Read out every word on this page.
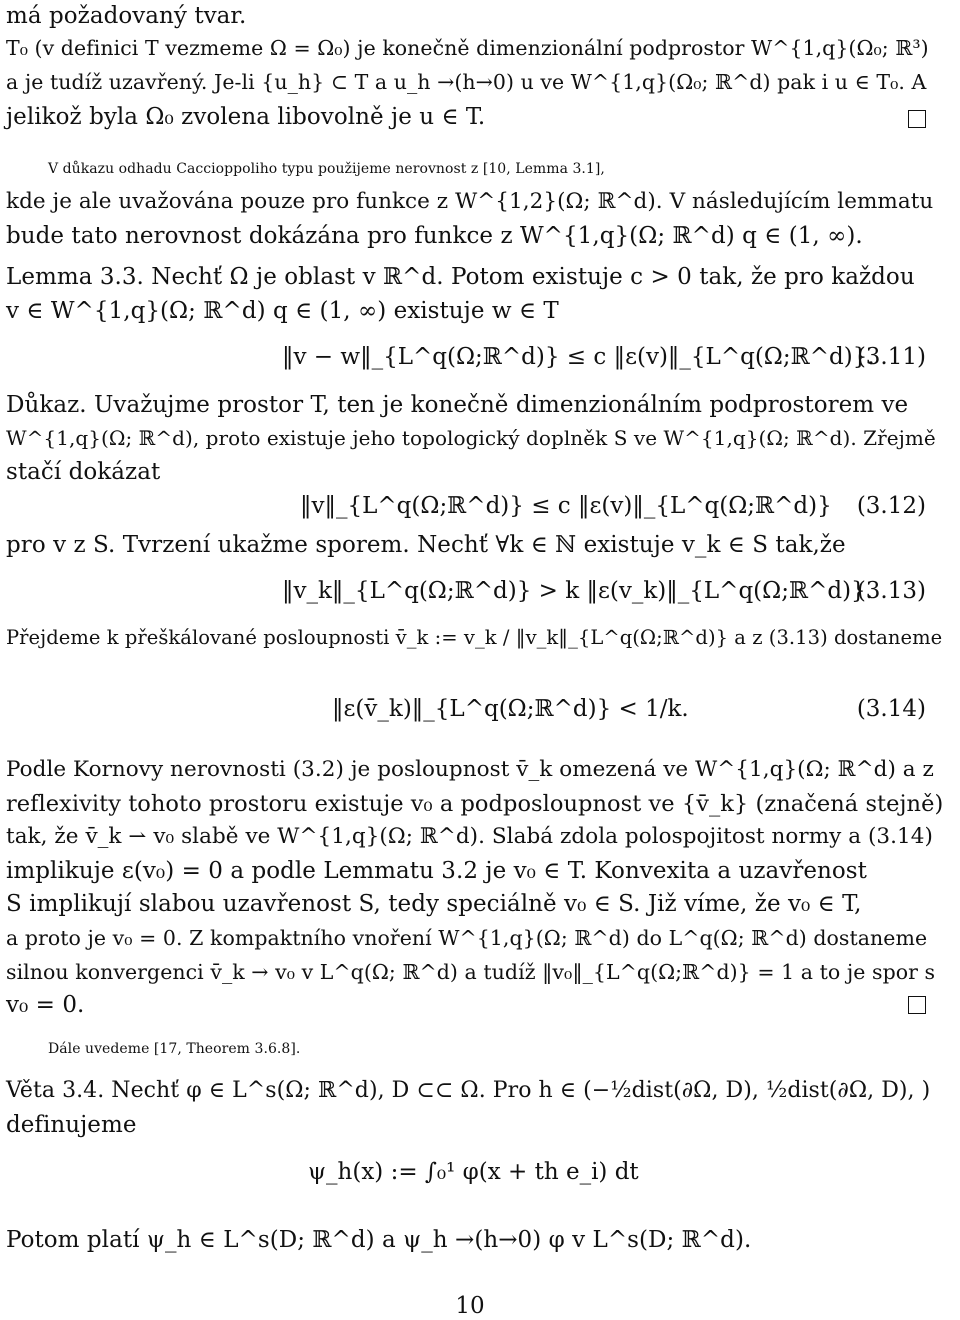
má požadovaný tvar.
T₀ (v definici T vezmeme Ω = Ω₀) je konečně dimenzionální podprostor W^{1,q}(Ω₀; ℝ³)
a je tudíž uzavřený. Je-li {u_h} ⊂ T a u_h →(h→0) u ve W^{1,q}(Ω₀; ℝ^d) pak i u ∈ T₀. A
jelikož byla Ω₀ zvolena libovolně je u ∈ T.
V důkazu odhadu Caccioppoliho typu použijeme nerovnost z [10, Lemma 3.1],
kde je ale uvažována pouze pro funkce z W^{1,2}(Ω; ℝ^d). V následujícím lemmatu
bude tato nerovnost dokázána pro funkce z W^{1,q}(Ω; ℝ^d) q ∈ (1, ∞).
Lemma 3.3. Nechť Ω je oblast v ℝ^d. Potom existuje c > 0 tak, že pro každou
v ∈ W^{1,q}(Ω; ℝ^d) q ∈ (1, ∞) existuje w ∈ T
‖v − w‖_{L^q(Ω;ℝ^d)} ≤ c ‖ε(v)‖_{L^q(Ω;ℝ^d)}.
(3.11)
Důkaz. Uvažujme prostor T, ten je konečně dimenzionálním podprostorem ve
W^{1,q}(Ω; ℝ^d), proto existuje jeho topologický doplněk S ve W^{1,q}(Ω; ℝ^d). Zřejmě
stačí dokázat
‖v‖_{L^q(Ω;ℝ^d)} ≤ c ‖ε(v)‖_{L^q(Ω;ℝ^d)} (3.12)
pro v z S. Tvrzení ukažme sporem. Nechť ∀k ∈ ℕ existuje v_k ∈ S tak,že
‖v_k‖_{L^q(Ω;ℝ^d)} > k ‖ε(v_k)‖_{L^q(Ω;ℝ^d)}.
(3.13)
Přejdeme k přeškálované posloupnosti v̄_k := v_k / ‖v_k‖_{L^q(Ω;ℝ^d)} a z (3.13) dostaneme
‖ε(v̄_k)‖_{L^q(Ω;ℝ^d)} < 1/k.	(3.14)
Podle Kornovy nerovnosti (3.2) je posloupnost v̄_k omezená ve W^{1,q}(Ω; ℝ^d) a z
reflexivity tohoto prostoru existuje v₀ a podposloupnost ve {v̄_k} (značená stejně)
tak, že v̄_k ⇀ v₀ slabě ve W^{1,q}(Ω; ℝ^d). Slabá zdola polospojitost normy a (3.14)
implikuje ε(v₀) = 0 a podle Lemmatu 3.2 je v₀ ∈ T. Konvexita a uzavřenost
S implikují slabou uzavřenost S, tedy speciálně v₀ ∈ S. Již víme, že v₀ ∈ T,
a proto je v₀ = 0. Z kompaktního vnoření W^{1,q}(Ω; ℝ^d) do L^q(Ω; ℝ^d) dostaneme
silnou konvergenci v̄_k → v₀ v L^q(Ω; ℝ^d) a tudíž ‖v₀‖_{L^q(Ω;ℝ^d)} = 1 a to je spor s
v₀ = 0.
Dále uvedeme [17, Theorem 3.6.8].
Věta 3.4. Nechť φ ∈ L^s(Ω; ℝ^d), D ⊂⊂ Ω. Pro h ∈ (−½dist(∂Ω, D), ½dist(∂Ω, D), )
definujeme
ψ_h(x) := ∫₀¹ φ(x + th e_i) dt
Potom platí ψ_h ∈ L^s(D; ℝ^d) a ψ_h →(h→0) φ v L^s(D; ℝ^d).
10
